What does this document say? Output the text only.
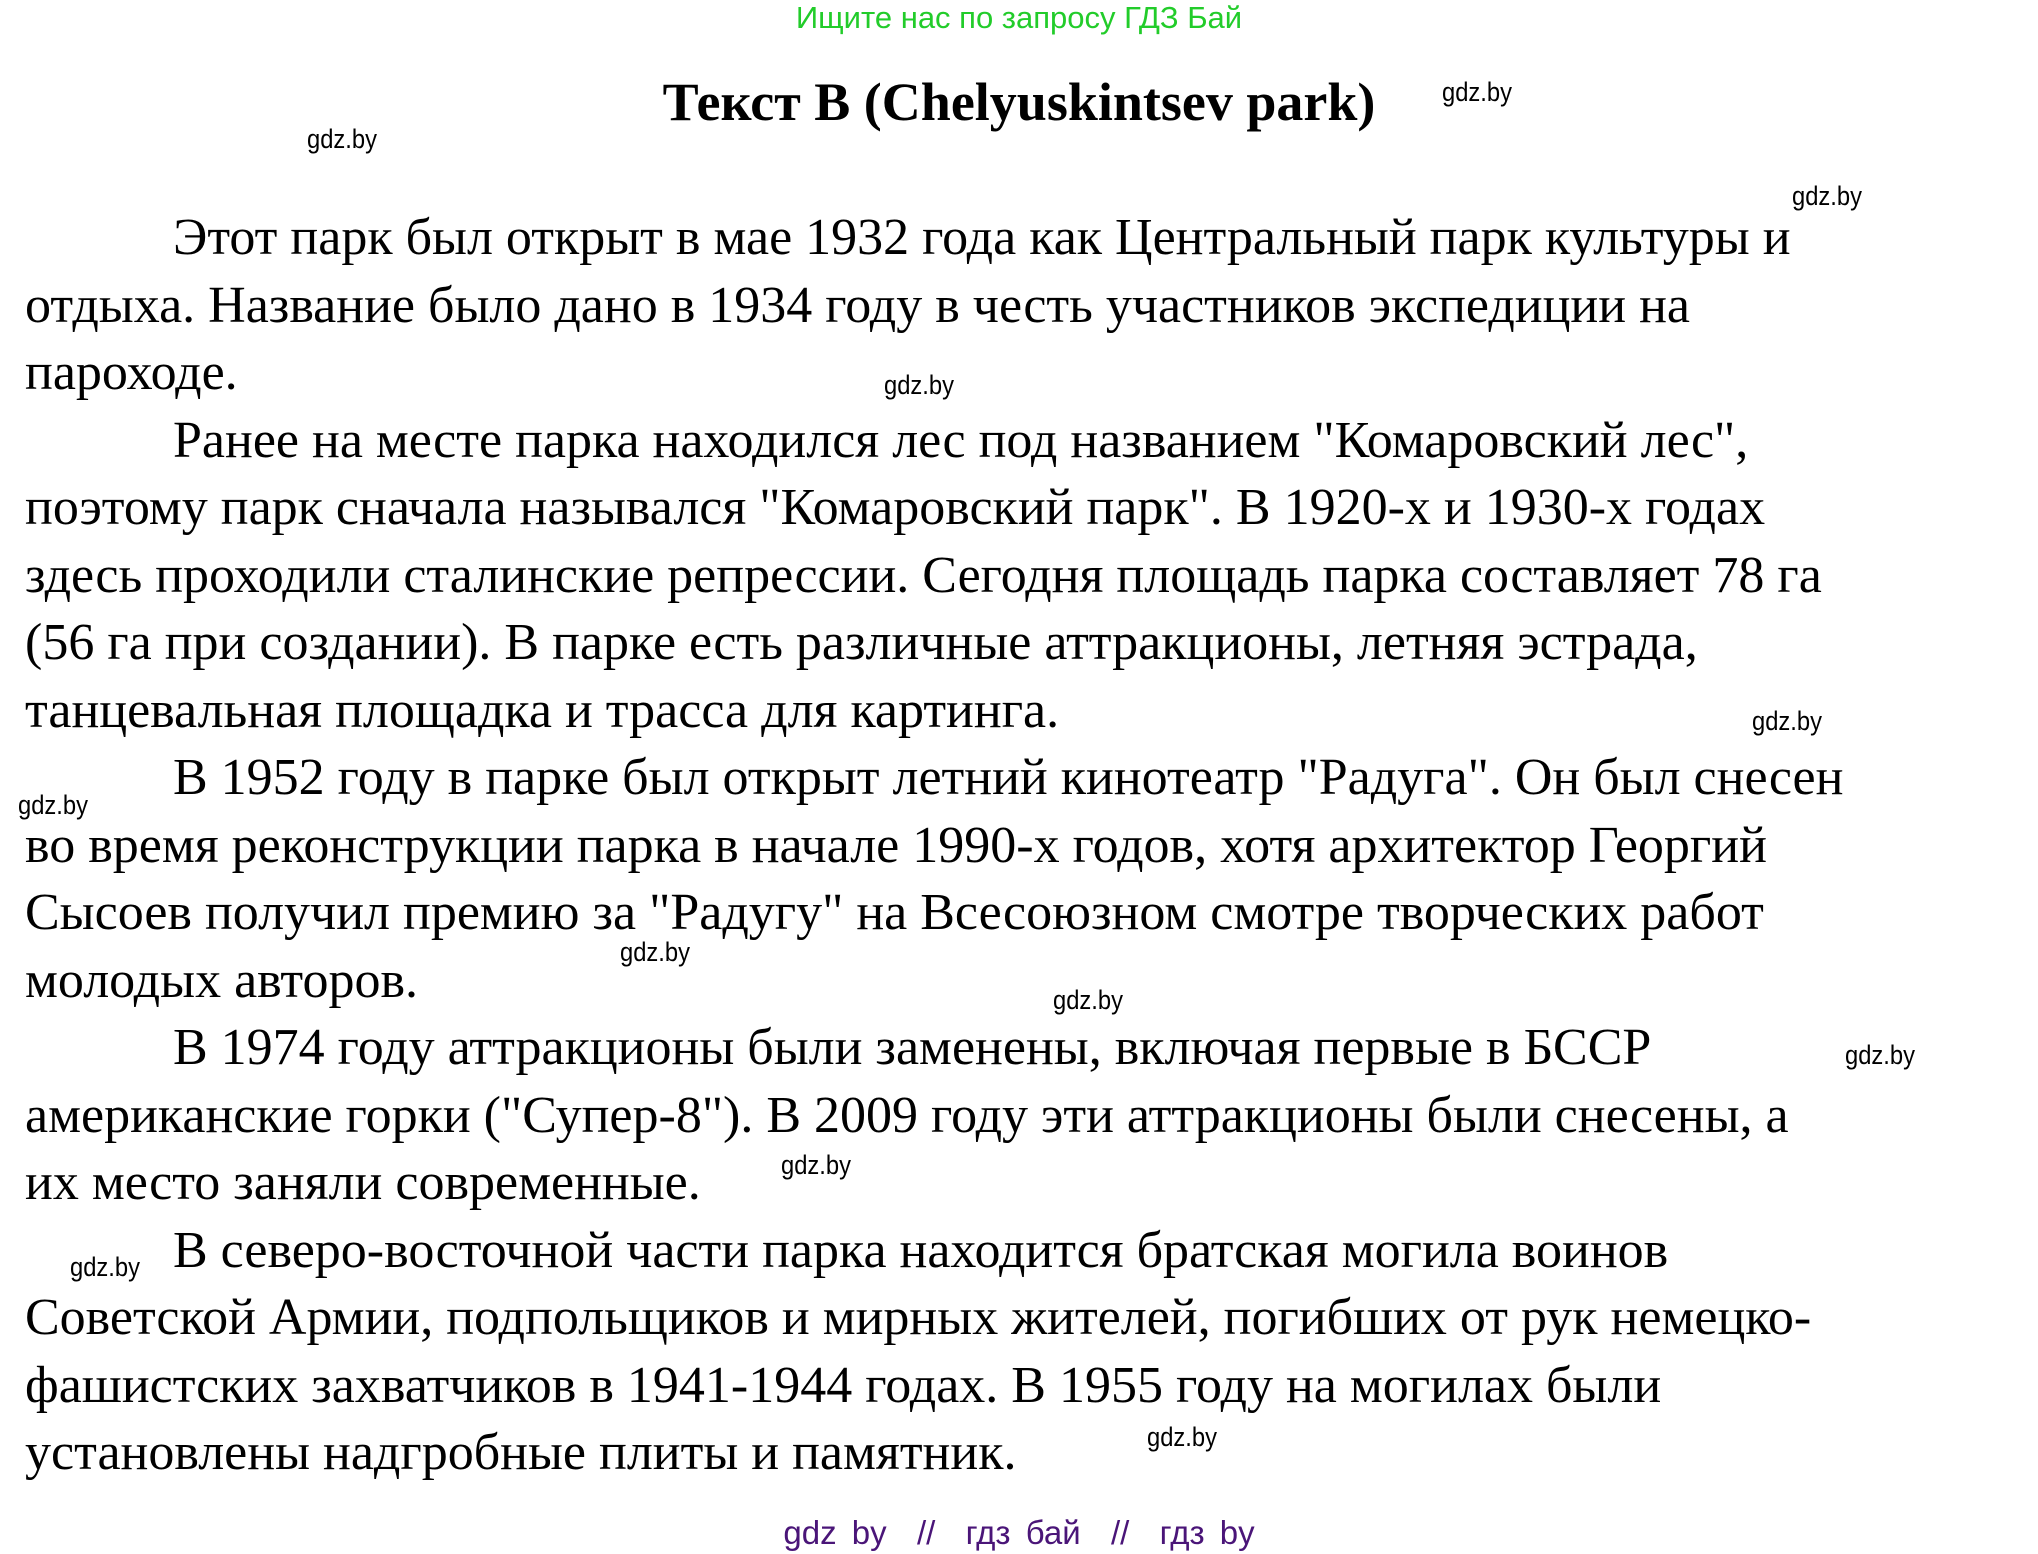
Ищите нас по запросу ГДЗ Бай
Текст B (Chelyuskintsev park)
Этот парк был открыт в мае 1932 года как Центральный парк культуры и
отдыха. Название было дано в 1934 году в честь участников экспедиции на
пароходе.
Ранее на месте парка находился лес под названием "Комаровский лес",
поэтому парк сначала назывался "Комаровский парк". В 1920-х и 1930-х годах
здесь проходили сталинские репрессии. Сегодня площадь парка составляет 78 га
(56 га при создании). В парке есть различные аттракционы, летняя эстрада,
танцевальная площадка и трасса для картинга.
В 1952 году в парке был открыт летний кинотеатр "Радуга". Он был снесен
во время реконструкции парка в начале 1990-х годов, хотя архитектор Георгий
Сысоев получил премию за "Радугу" на Всесоюзном смотре творческих работ
молодых авторов.
В 1974 году аттракционы были заменены, включая первые в БССР
американские горки ("Супер-8"). В 2009 году эти аттракционы были снесены, а
их место заняли современные.
В северо-восточной части парка находится братская могила воинов
Советской Армии, подпольщиков и мирных жителей, погибших от рук немецко-
фашистских захватчиков в 1941-1944 годах. В 1955 году на могилах были
установлены надгробные плиты и памятник.
gdz.by
gdz.by
gdz.by
gdz.by
gdz.by
gdz.by
gdz.by
gdz.by
gdz.by
gdz.by
gdz.by
gdz.by
gdz by  //  гдз бай  //  гдз by
